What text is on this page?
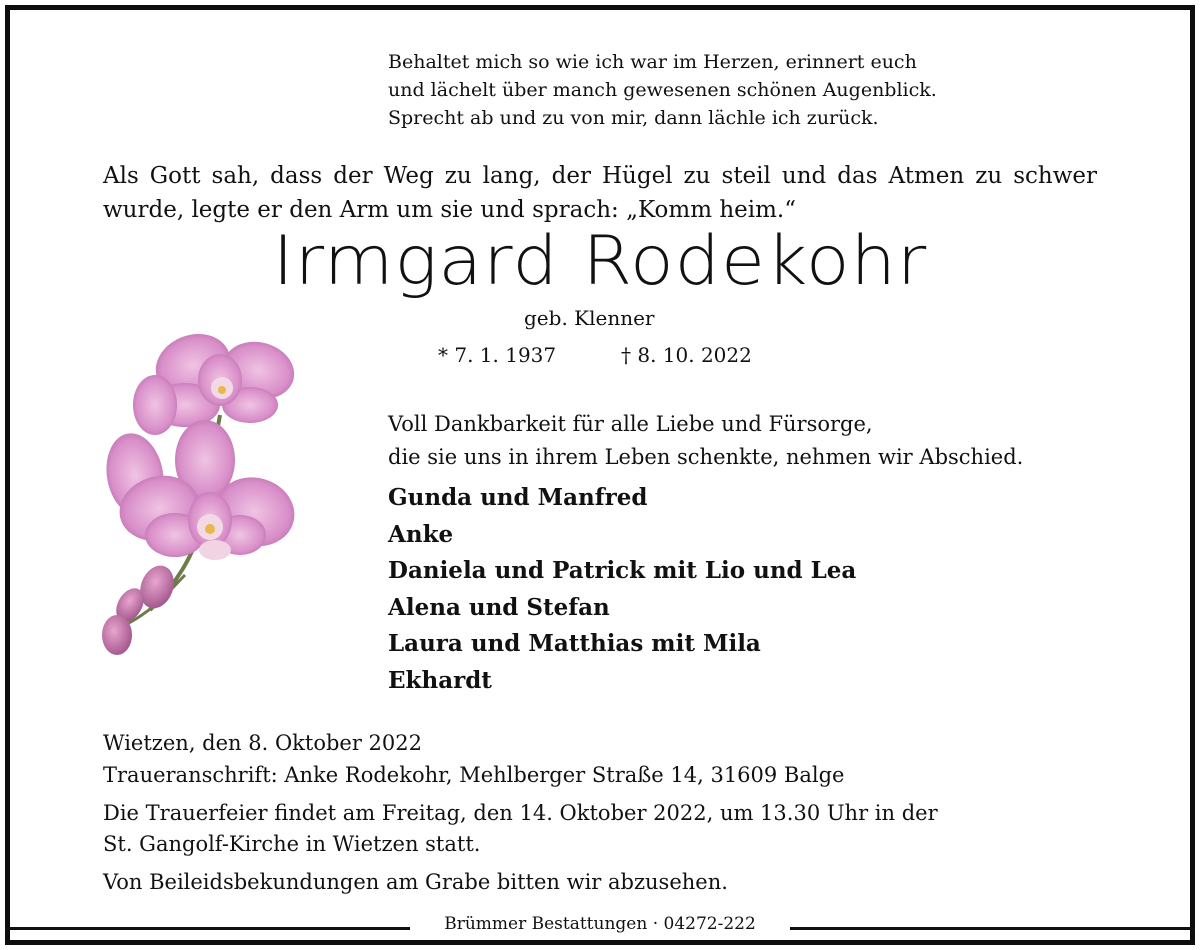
Behaltet mich so wie ich war im Herzen, erinnert euch
und lächelt über manch gewesenen schönen Augenblick.
Sprecht ab und zu von mir, dann lächle ich zurück.
Als Gott sah, dass der Weg zu lang, der Hügel zu steil und das Atmen zu schwer
wurde, legte er den Arm um sie und sprach: „Komm heim.“
Irmgard Rodekohr
geb. Klenner
* 7. 1. 1937	† 8. 10. 2022
Voll Dankbarkeit für alle Liebe und Fürsorge,
die sie uns in ihrem Leben schenkte, nehmen wir Abschied.
Gunda und Manfred
Anke
Daniela und Patrick mit Lio und Lea
Alena und Stefan
Laura und Matthias mit Mila
Ekhardt
Wietzen, den 8. Oktober 2022
Traueranschrift: Anke Rodekohr, Mehlberger Straße 14, 31609 Balge
Die Trauerfeier findet am Freitag, den 14. Oktober 2022, um 13.30 Uhr in der
St. Gangolf-Kirche in Wietzen statt.
Von Beileidsbekundungen am Grabe bitten wir abzusehen.
Brümmer Bestattungen · 04272-222
